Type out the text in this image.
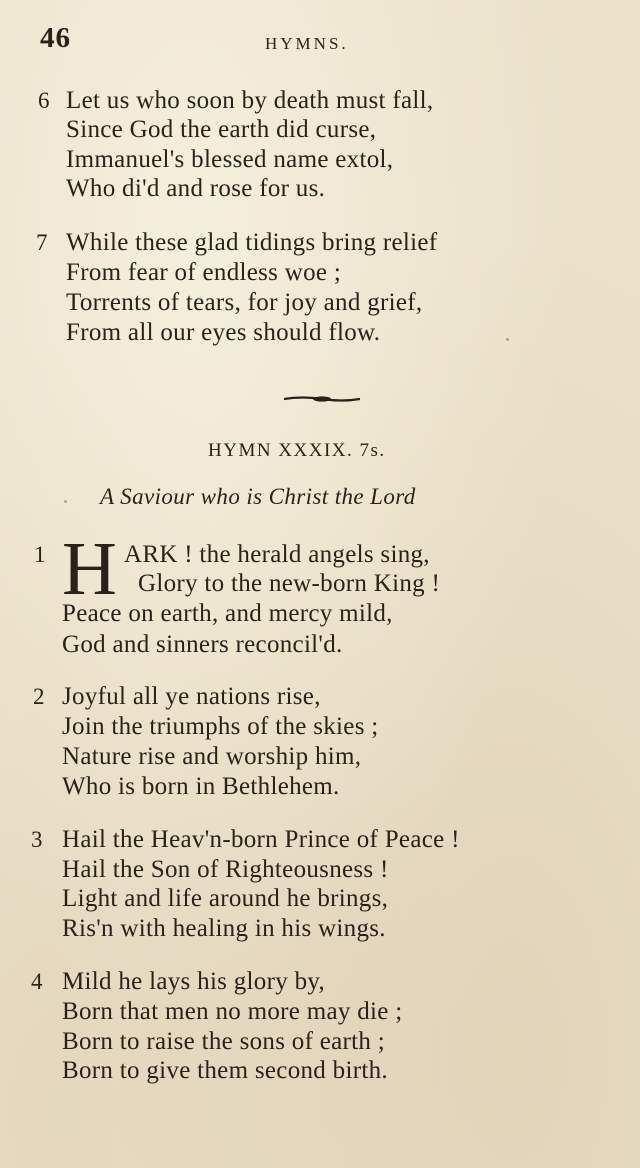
46	HYMNS.
6 Let us who soon by death must fall,
Since God the earth did curse,
Immanuel's blessed name extol,
Who di'd and rose for us.
7 While these glad tidings bring relief
From fear of endless woe ;
Torrents of tears, for joy and grief,
From all our eyes should flow.
HYMN XXXIX. 7s.
A Saviour who is Christ the Lord
1 H ARK ! the herald angels sing,
Glory to the new-born King !
Peace on earth, and mercy mild,
God and sinners reconcil'd.
2 Joyful all ye nations rise,
Join the triumphs of the skies ;
Nature rise and worship him,
Who is born in Bethlehem.
3 Hail the Heav'n-born Prince of Peace !
Hail the Son of Righteousness !
Light and life around he brings,
Ris'n with healing in his wings.
4 Mild he lays his glory by,
Born that men no more may die ;
Born to raise the sons of earth ;
Born to give them second birth.
